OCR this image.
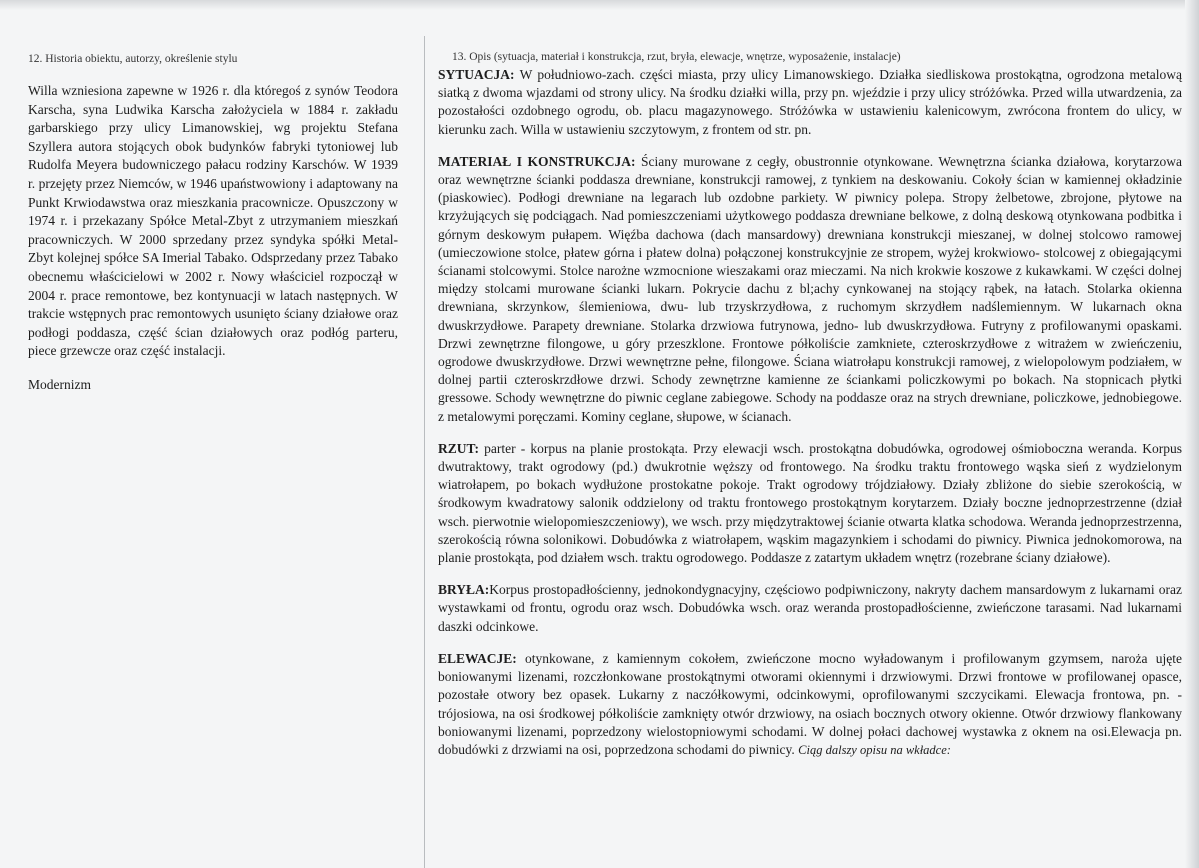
12. Historia obiektu, autorzy, określenie stylu

Willa wzniesiona zapewne w 1926 r. dla któregoś z synów Teodora Karscha, syna Ludwika Karscha założyciela w 1884 r. zakładu garbarskiego przy ulicy Limanowskiej, wg projektu Stefana Szyllera autora stojących obok budynków fabryki tytoniowej lub Rudolfa Meyera budowniczego pałacu rodziny Karschów. W 1939 r. przejęty przez Niemców, w 1946 upaństwowiony i adaptowany na Punkt Krwiodawstwa oraz mieszkania pracownicze. Opuszczony w 1974 r. i przekazany Spółce Metal-Zbyt z utrzymaniem mieszkań pracowniczych. W 2000 sprzedany przez syndyka spółki Metal-Zbyt kolejnej spółce SA Imerial Tabako. Odsprzedany przez Tabako obecnemu właścicielowi w 2002 r. Nowy właściciel rozpoczął w 2004 r. prace remontowe, bez kontynuacji w latach następnych. W trakcie wstępnych prac remontowych usunięto ściany działowe oraz podłogi poddasza, część ścian działowych oraz podłóg parteru, piece grzewcze oraz część instalacji.

Modernizm
13. Opis (sytuacja, materiał i konstrukcja, rzut, bryła, elewacje, wnętrze, wyposażenie, instalacje)

SYTUACJA: W południowo-zach. części miasta, przy ulicy Limanowskiego. Działka siedliskowa prostokątna, ogrodzona metalową siatką z dwoma wjazdami od strony ulicy. Na środku działki willa, przy pn. wjeździe i przy ulicy stróżówka. Przed willa utwardzenia, za pozostałości ozdobnego ogrodu, ob. placu magazynowego. Stróżówka w ustawieniu kalenicowym, zwrócona frontem do ulicy, w kierunku zach. Willa w ustawieniu szczytowym, z frontem od str. pn.

MATERIAŁ I KONSTRUKCJA: Ściany murowane z cegły, obustronnie otynkowane. Wewnętrzna ścianka działowa, korytarzowa oraz wewnętrzne ścianki poddasza drewniane, konstrukcji ramowej, z tynkiem na deskowaniu. Cokoły ścian w kamiennej okładzinie (piaskowiec). Podłogi drewniane na legarach lub ozdobne parkiety. W piwnicy polepa. Stropy żelbetowe, zbrojone, płytowe na krzyżujących się podciągach. Nad pomieszczeniami użytkowego poddasza drewniane belkowe, z dolną deskową otynkowana podbitka i górnym deskowym pułapem. Więźba dachowa (dach mansardowy) drewniana konstrukcji mieszanej, w dolnej stolcowo ramowej (umieczowione stolce, płatew górna i płatew dolna) połączonej konstrukcyjnie ze stropem, wyżej krokwiowo- stolcowej z obiegającymi ścianami stolcowymi. Stolce narożne wzmocnione wieszakami oraz mieczami. Na nich krokwie koszowe z kukawkami. W części dolnej między stolcami murowane ścianki lukarn. Pokrycie dachu z bl;achy cynkowanej na stojący rąbek, na łatach. Stolarka okienna drewniana, skrzynkow, ślemieniowa, dwu- lub trzyskrzydłowa, z ruchomym skrzydłem nadślemiennym. W lukarnach okna dwuskrzydłowe. Parapety drewniane. Stolarka drzwiowa futrynowa, jedno- lub dwuskrzydłowa. Futryny z profilowanymi opaskami. Drzwi zewnętrzne filongowe, u góry przeszklone. Frontowe półkoliście zamkniete, czteroskrzydłowe z witrażem w zwieńczeniu, ogrodowe dwuskrzydłowe. Drzwi wewnętrzne pełne, filongowe. Ściana wiatrołapu konstrukcji ramowej, z wielopolowym podziałem, w dolnej partii czteroskrzdłowe drzwi. Schody zewnętrzne kamienne ze ściankami policzkowymi po bokach. Na stopnicach płytki gressowe. Schody wewnętrzne do piwnic ceglane zabiegowe. Schody na poddasze oraz na strych drewniane, policzkowe, jednobiegowe. z metalowymi poręczami. Kominy ceglane, słupowe, w ścianach.

RZUT: parter - korpus na planie prostokąta. Przy elewacji wsch. prostokątna dobudówka, ogrodowej ośmioboczna weranda. Korpus dwutraktowy, trakt ogrodowy (pd.) dwukrotnie węższy od frontowego. Na środku traktu frontowego wąska sień z wydzielonym wiatrołapem, po bokach wydłużone prostokatne pokoje. Trakt ogrodowy trójdziałowy. Działy zbliżone do siebie szerokością, w środkowym kwadratowy salonik oddzielony od traktu frontowego prostokątnym korytarzem. Działy boczne jednoprzestrzenne (dział wsch. pierwotnie wielopomieszczeniowy), we wsch. przy międzytraktowej ścianie otwarta klatka schodowa. Weranda jednoprzestrzenna, szerokością równa solonikowi. Dobudówka z wiatrołapem, wąskim magazynkiem i schodami do piwnicy. Piwnica jednokomorowa, na planie prostokąta, pod działem wsch. traktu ogrodowego. Poddasze z zatartym układem wnętrz (rozebrane ściany działowe).

BRYŁA:Korpus prostopadłościenny, jednokondygnacyjny, częściowo podpiwniczony, nakryty dachem mansardowym z lukarnami oraz wystawkami od frontu, ogrodu oraz wsch. Dobudówka wsch. oraz weranda prostopadłościenne, zwieńczone tarasami. Nad lukarnami daszki odcinkowe.

ELEWACJE: otynkowane, z kamiennym cokołem, zwieńczone mocno wyładowanym i profilowanym gzymsem, naroża ujęte boniowanymi lizenami, rozczłonkowane prostokątnymi otworami okiennymi i drzwiowymi. Drzwi frontowe w profilowanej opasce, pozostałe otwory bez opasek. Lukarny z naczółkowymi, odcinkowymi, oprofilowanymi szczycikami. Elewacja frontowa, pn. - trójosiowa, na osi środkowej półkoliście zamknięty otwór drzwiowy, na osiach bocznych otwory okienne. Otwór drzwiowy flankowany boniowanymi lizenami, poprzedzony wielostopniowymi schodami. W dolnej połaci dachowej wystawka z oknem na osi.Elewacja pn. dobudówki z drzwiami na osi, poprzedzona schodami do piwnicy. Ciąg dalszy opisu na wkładce:
